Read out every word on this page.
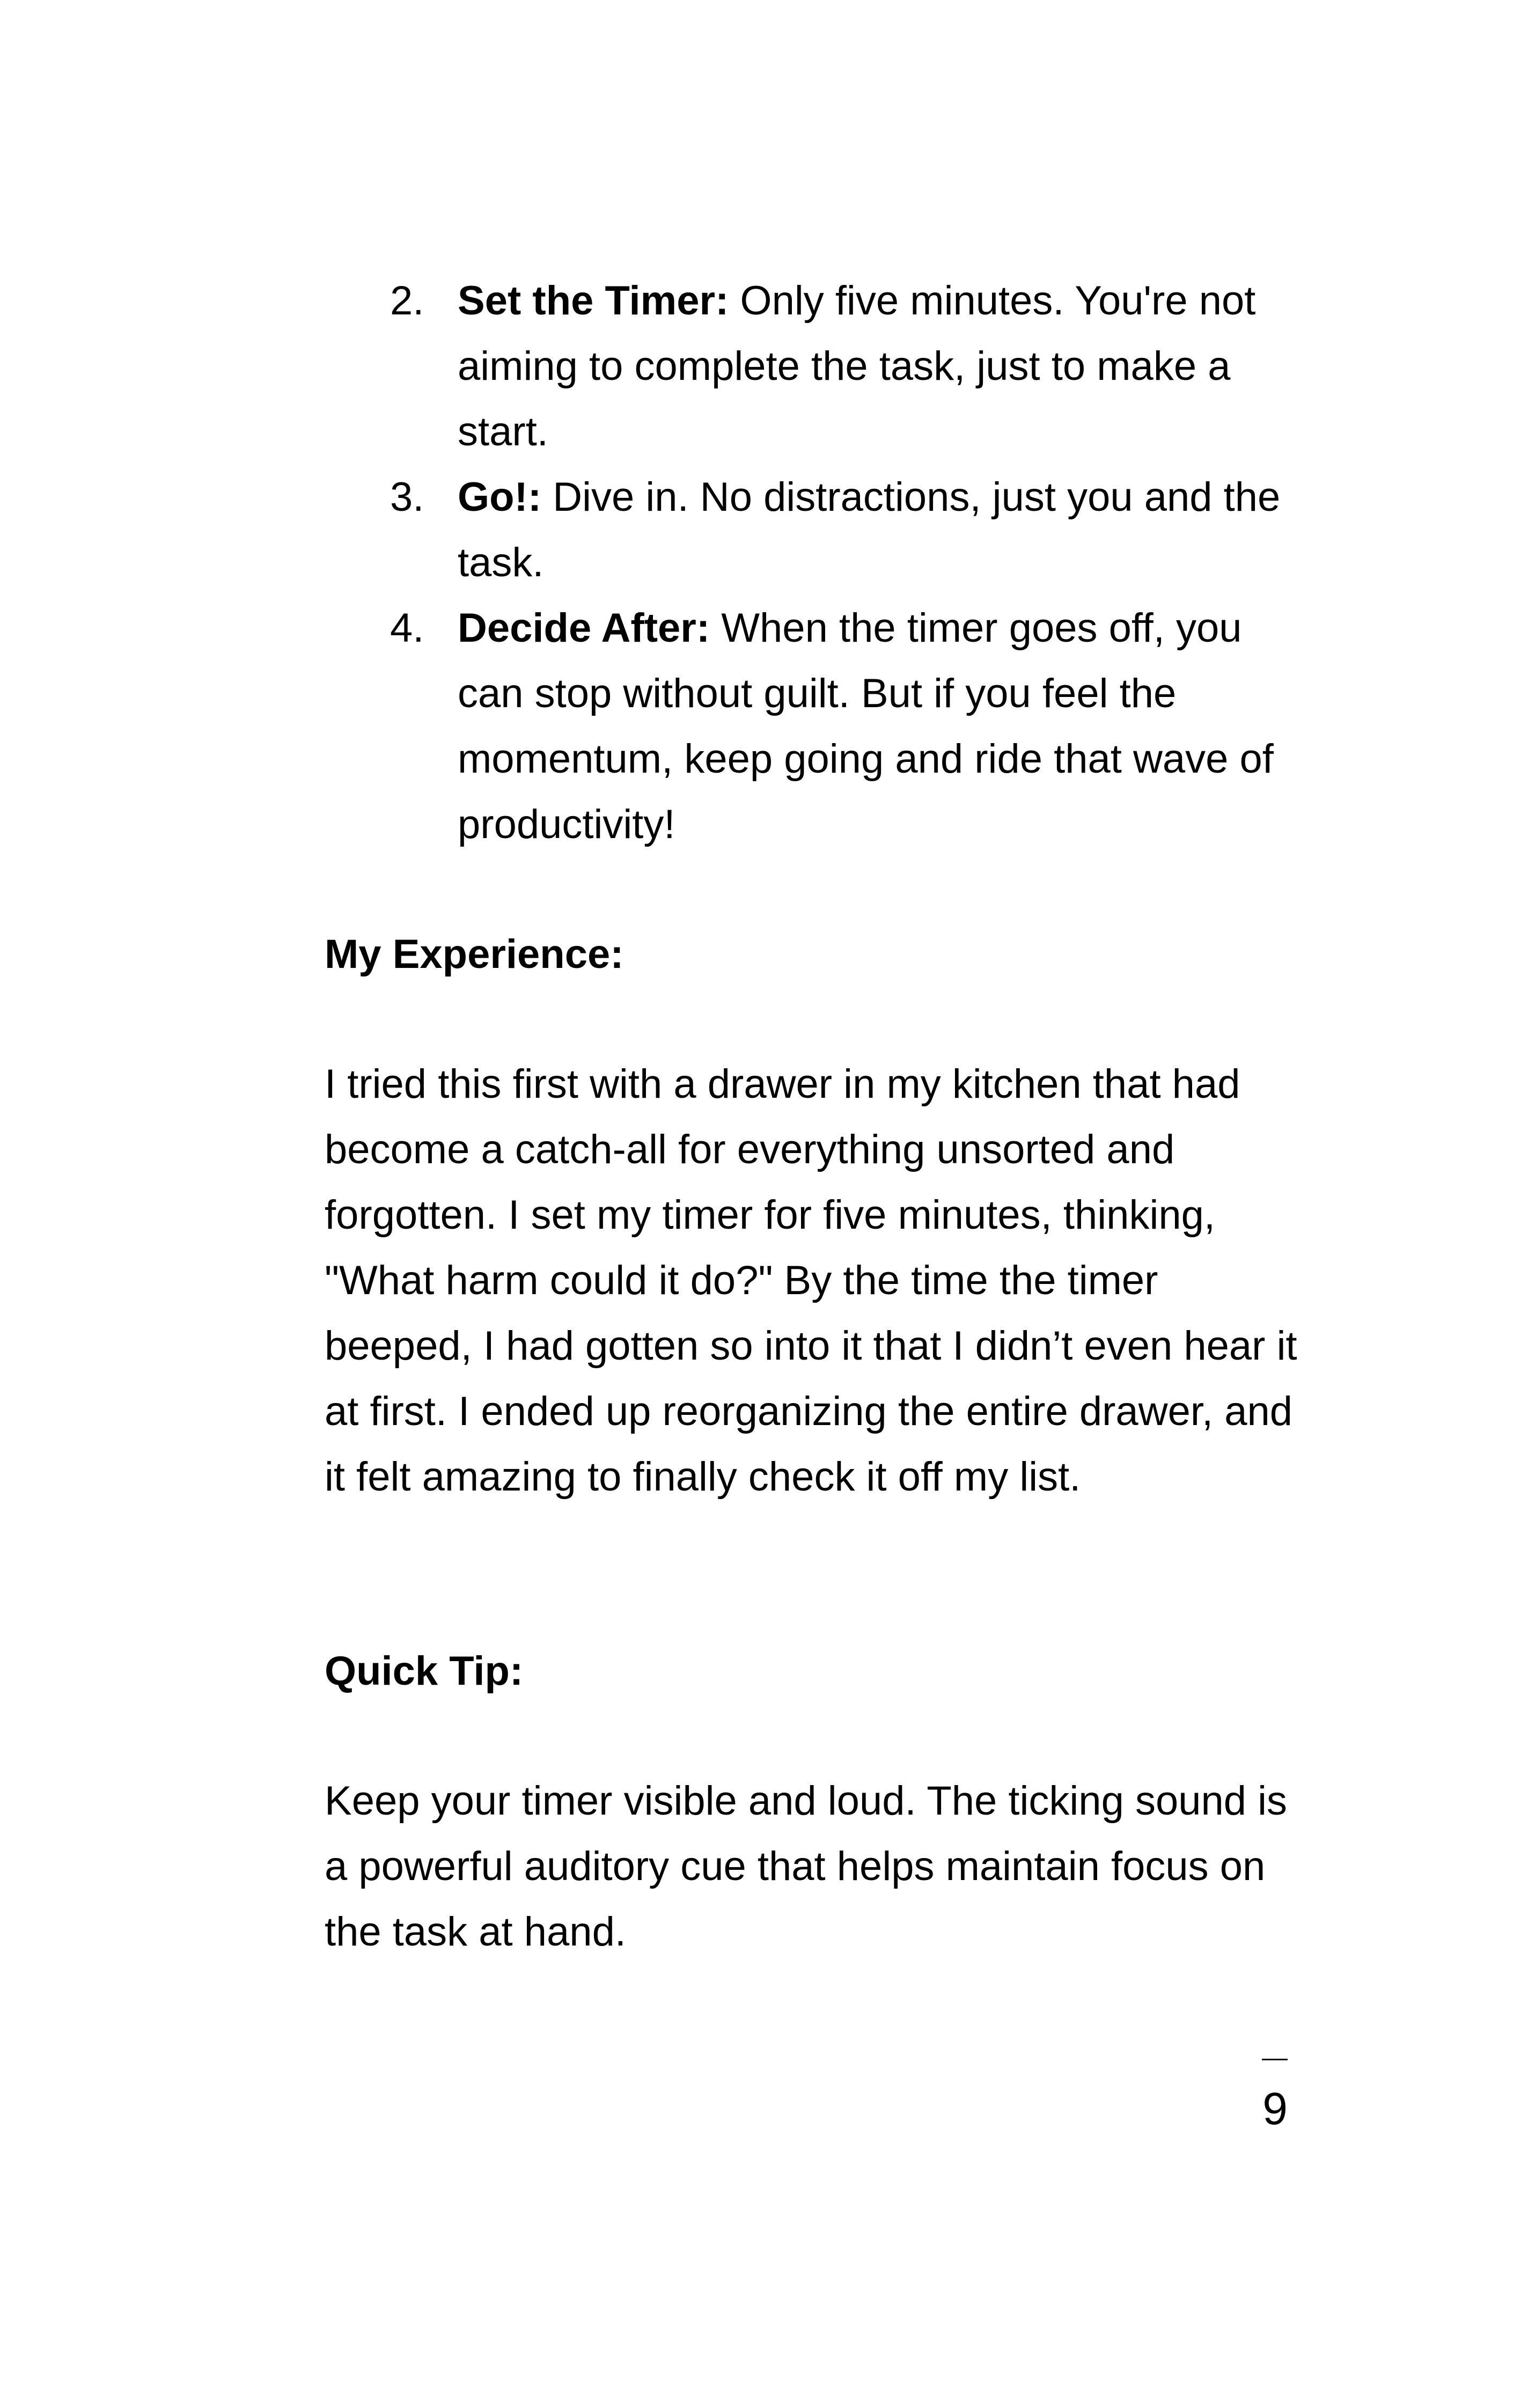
2. Set the Timer: Only five minutes. You're not aiming to complete the task, just to make a start.
3. Go!: Dive in. No distractions, just you and the task.
4. Decide After: When the timer goes off, you can stop without guilt. But if you feel the momentum, keep going and ride that wave of productivity!

My Experience:

I tried this first with a drawer in my kitchen that had become a catch-all for everything unsorted and forgotten. I set my timer for five minutes, thinking, "What harm could it do?" By the time the timer beeped, I had gotten so into it that I didn’t even hear it at first. I ended up reorganizing the entire drawer, and it felt amazing to finally check it off my list.

Quick Tip:

Keep your timer visible and loud. The ticking sound is a powerful auditory cue that helps maintain focus on the task at hand.

9
